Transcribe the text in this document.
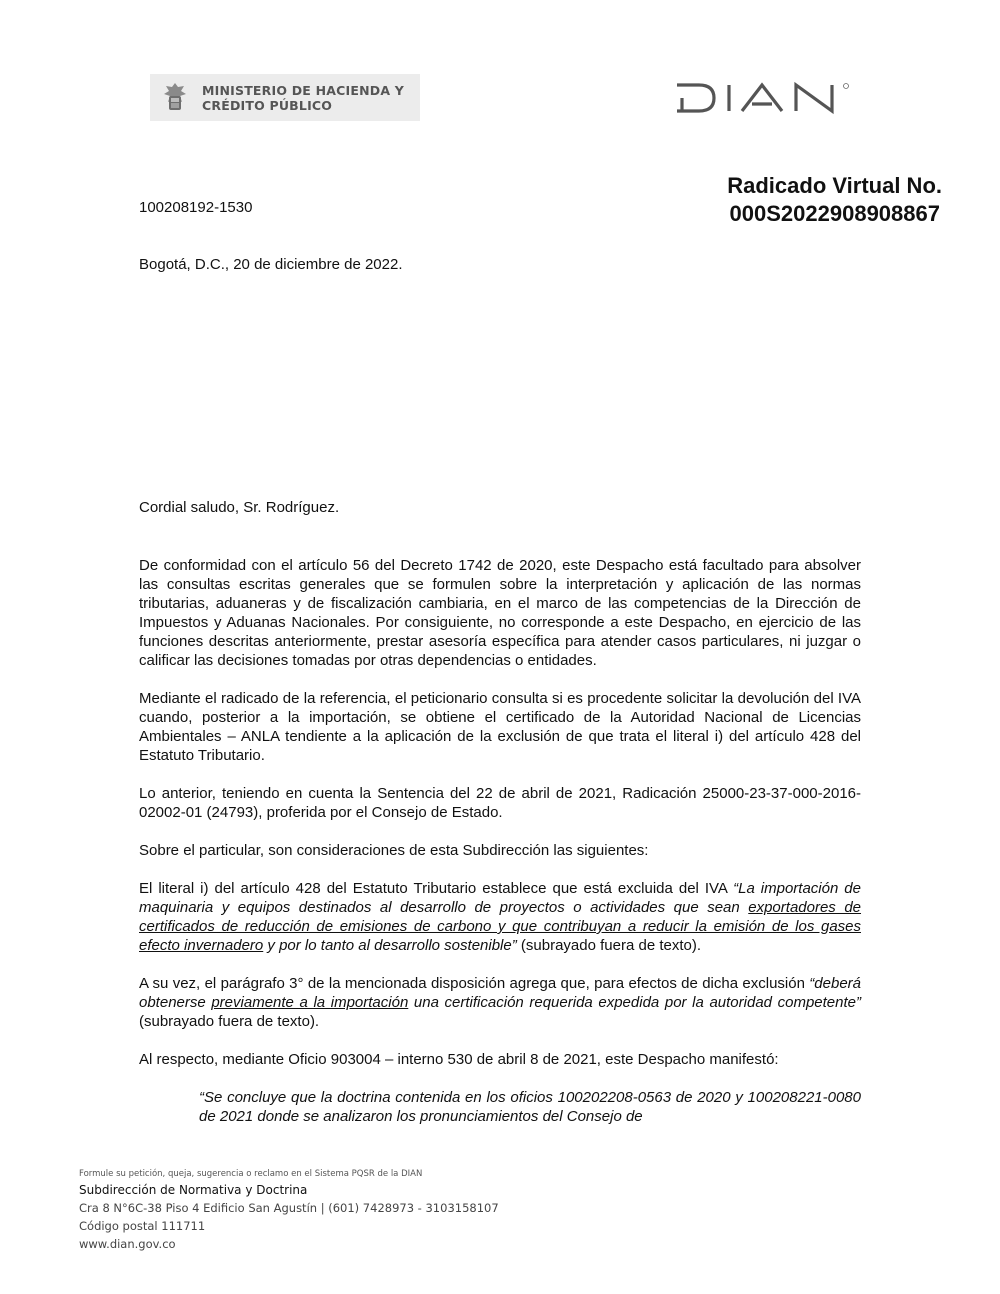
MINISTERIO DE HACIENDA Y
CRÉDITO PÚBLICO
Radicado Virtual No.
000S2022908908867
100208192-1530
Bogotá, D.C., 20 de diciembre de 2022.
Cordial saludo, Sr. Rodríguez.

De conformidad con el artículo 56 del Decreto 1742 de 2020, este Despacho está facultado para absolver las consultas escritas generales que se formulen sobre la interpretación y aplicación de las normas tributarias, aduaneras y de fiscalización cambiaria, en el marco de las competencias de la Dirección de Impuestos y Aduanas Nacionales. Por consiguiente, no corresponde a este Despacho, en ejercicio de las funciones descritas anteriormente, prestar asesoría específica para atender casos particulares, ni juzgar o calificar las decisiones tomadas por otras dependencias o entidades.

Mediante el radicado de la referencia, el peticionario consulta si es procedente solicitar la devolución del IVA cuando, posterior a la importación, se obtiene el certificado de la Autoridad Nacional de Licencias Ambientales – ANLA tendiente a la aplicación de la exclusión de que trata el literal i) del artículo 428 del Estatuto Tributario.

Lo anterior, teniendo en cuenta la Sentencia del 22 de abril de 2021, Radicación 25000-23-37-000-2016-02002-01 (24793), proferida por el Consejo de Estado.

Sobre el particular, son consideraciones de esta Subdirección las siguientes:

El literal i) del artículo 428 del Estatuto Tributario establece que está excluida del IVA “La importación de maquinaria y equipos destinados al desarrollo de proyectos o actividades que sean exportadores de certificados de reducción de emisiones de carbono y que contribuyan a reducir la emisión de los gases efecto invernadero y por lo tanto al desarrollo sostenible” (subrayado fuera de texto).

A su vez, el parágrafo 3° de la mencionada disposición agrega que, para efectos de dicha exclusión “deberá obtenerse previamente a la importación una certificación requerida expedida por la autoridad competente” (subrayado fuera de texto).

Al respecto, mediante Oficio 903004 – interno 530 de abril 8 de 2021, este Despacho manifestó:

“Se concluye que la doctrina contenida en los oficios 100202208-0563 de 2020 y 100208221-0080 de 2021 donde se analizaron los pronunciamientos del Consejo de

Formule su petición, queja, sugerencia o reclamo en el Sistema PQSR de la DIAN
Subdirección de Normativa y Doctrina
Cra 8 N°6C-38 Piso 4 Edificio San Agustín | (601) 7428973 - 3103158107
Código postal 111711
www.dian.gov.co
